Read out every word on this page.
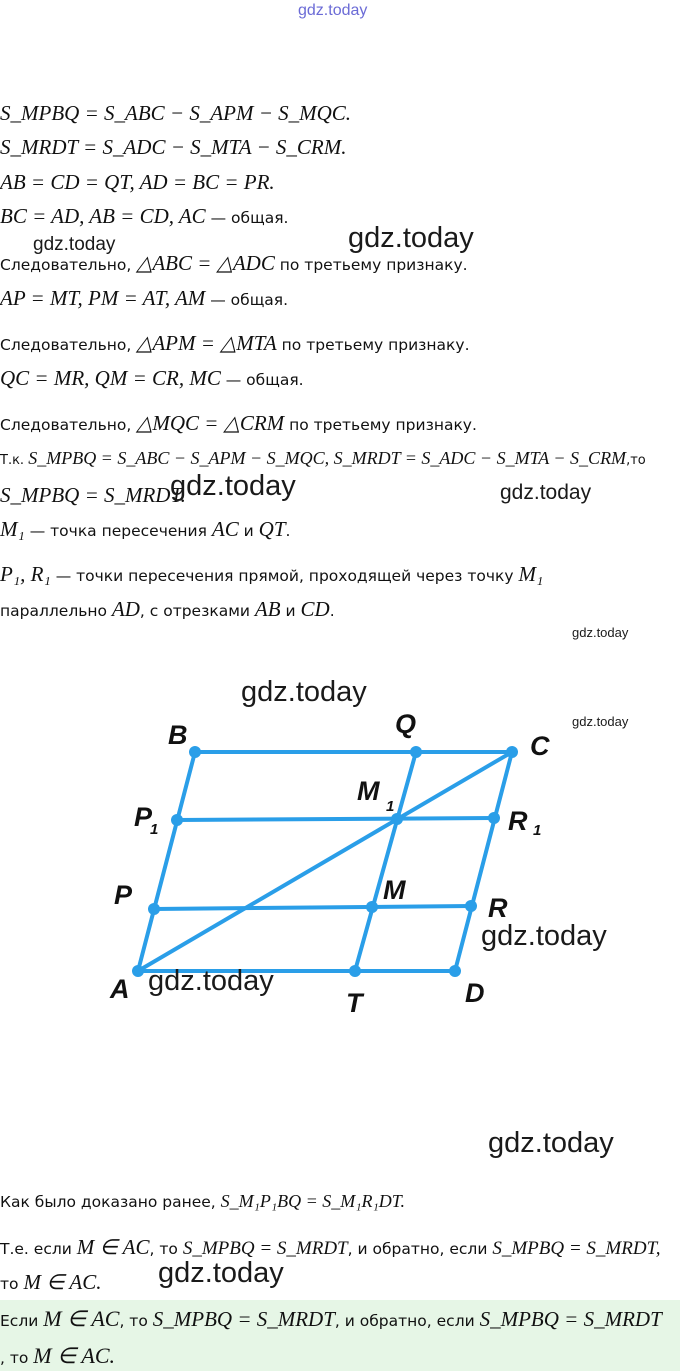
gdz.today
S_MPBQ = S_ABC − S_APM − S_MQC.
S_MRDT = S_ADC − S_MTA − S_CRM.
AB = CD = QT, AD = BC = PR.
BC = AD, AB = CD, AC — общая.
gdz.today	gdz.today
Следовательно, △ABC = △ADC по третьему признаку.
AP = MT, PM = AT, AM — общая.
Следовательно, △APM = △MTA по третьему признаку.
QC = MR, QM = CR, MC — общая.
Следовательно, △MQC = △CRM по третьему признаку.
Т.к. S_MPBQ = S_ABC − S_APM − S_MQC, S_MRDT = S_ADC − S_MTA − S_CRM,то
S_MPBQ = S_MRDT.
gdz.today	gdz.today
M₁ — точка пересечения AC и QT.
P₁, R₁ — точки пересечения прямой, проходящей через точку M₁
параллельно AD, с отрезками AB и CD.
gdz.today
B	Q
C
P
1
M
1	R 1
P	M
R
A	T	D
gdz.today
gdz.today
gdz.today
gdz.today
gdz.today
Как было доказано ранее, S_M₁P₁BQ = S_M₁R₁DT.
Т.е. если M ∈ AC, то S_MPBQ = S_MRDT, и обратно, если S_MPBQ = S_MRDT,
то M ∈ AC. gdz.today
Если M ∈ AC, то S_MPBQ = S_MRDT, и обратно, если S_MPBQ = S_MRDT
, то M ∈ AC.
